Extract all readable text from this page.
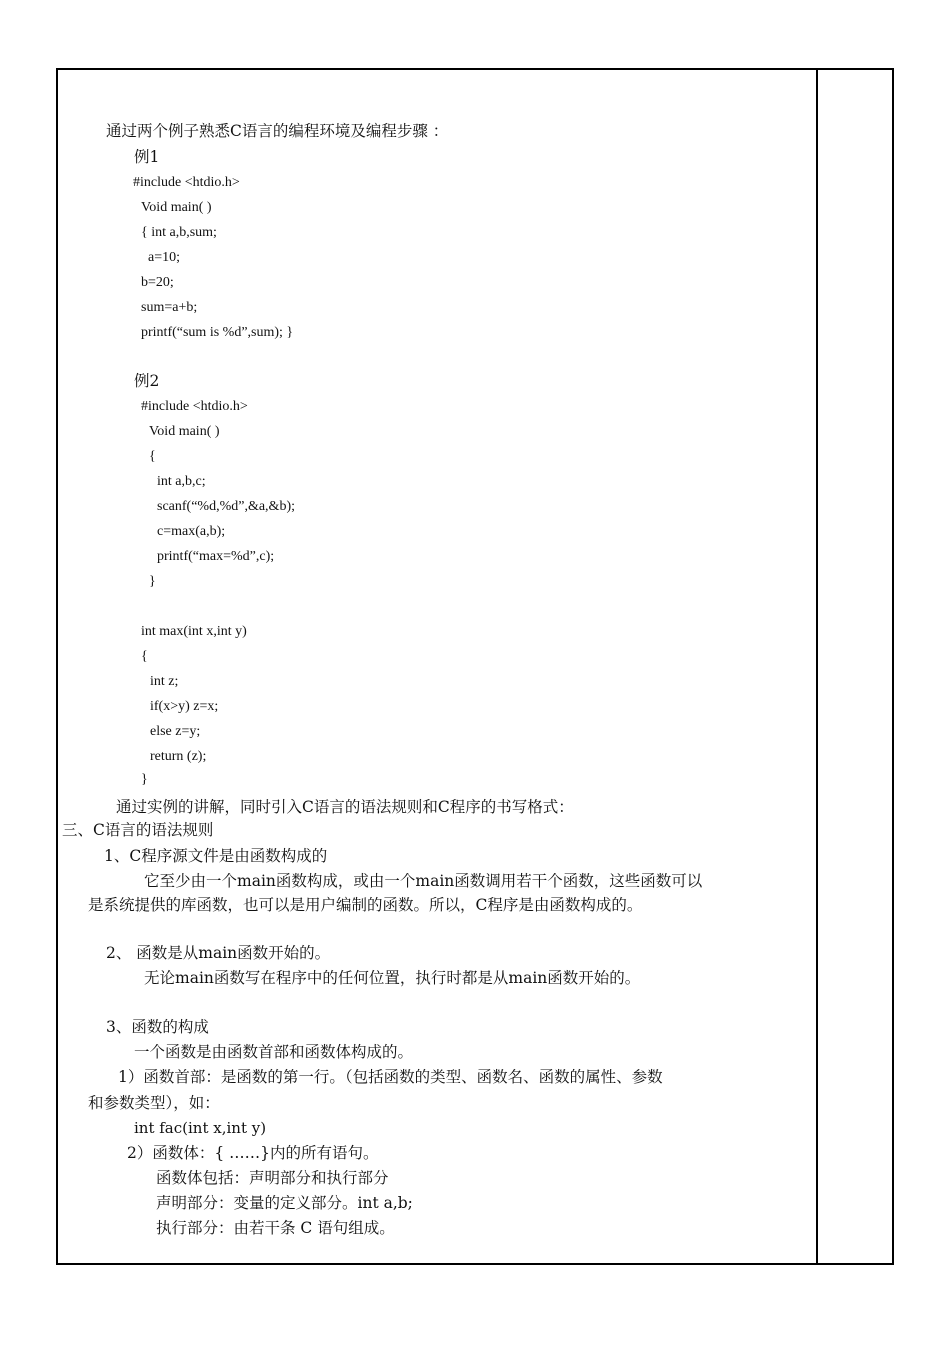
通过两个例子熟悉C语言的编程环境及编程步骤 ：
例1
#include <htdio.h>
Void main( )
{ int a,b,sum;
a=10;
b=20;
sum=a+b;
printf(“sum is %d”,sum); }
例2
#include <htdio.h>
Void main( )
{
int a,b,c;
scanf(“%d,%d”,&a,&b);
c=max(a,b);
printf(“max=%d”,c);
}
int max(int x,int y)
{
int z;
if(x>y) z=x;
else z=y;
return (z);
}
通过实例的讲解，同时引入C语言的语法规则和C程序的书写格式：
三、C语言的语法规则
1、C程序源文件是由函数构成的
它至少由一个main函数构成，或由一个main函数调用若干个函数，这些函数可以
是系统提供的库函数，也可以是用户编制的函数。所以，C程序是由函数构成的。
2、 函数是从main函数开始的。
无论main函数写在程序中的任何位置，执行时都是从main函数开始的。
3、函数的构成
一个函数是由函数首部和函数体构成的。
1）函数首部：是函数的第一行。（包括函数的类型、函数名、函数的属性、参数
和参数类型），如：
int fac(int x,int y)
2）函数体：{ ……}内的所有语句。
函数体包括：声明部分和执行部分
声明部分：变量的定义部分。int a,b;
执行部分：由若干条 C 语句组成。
